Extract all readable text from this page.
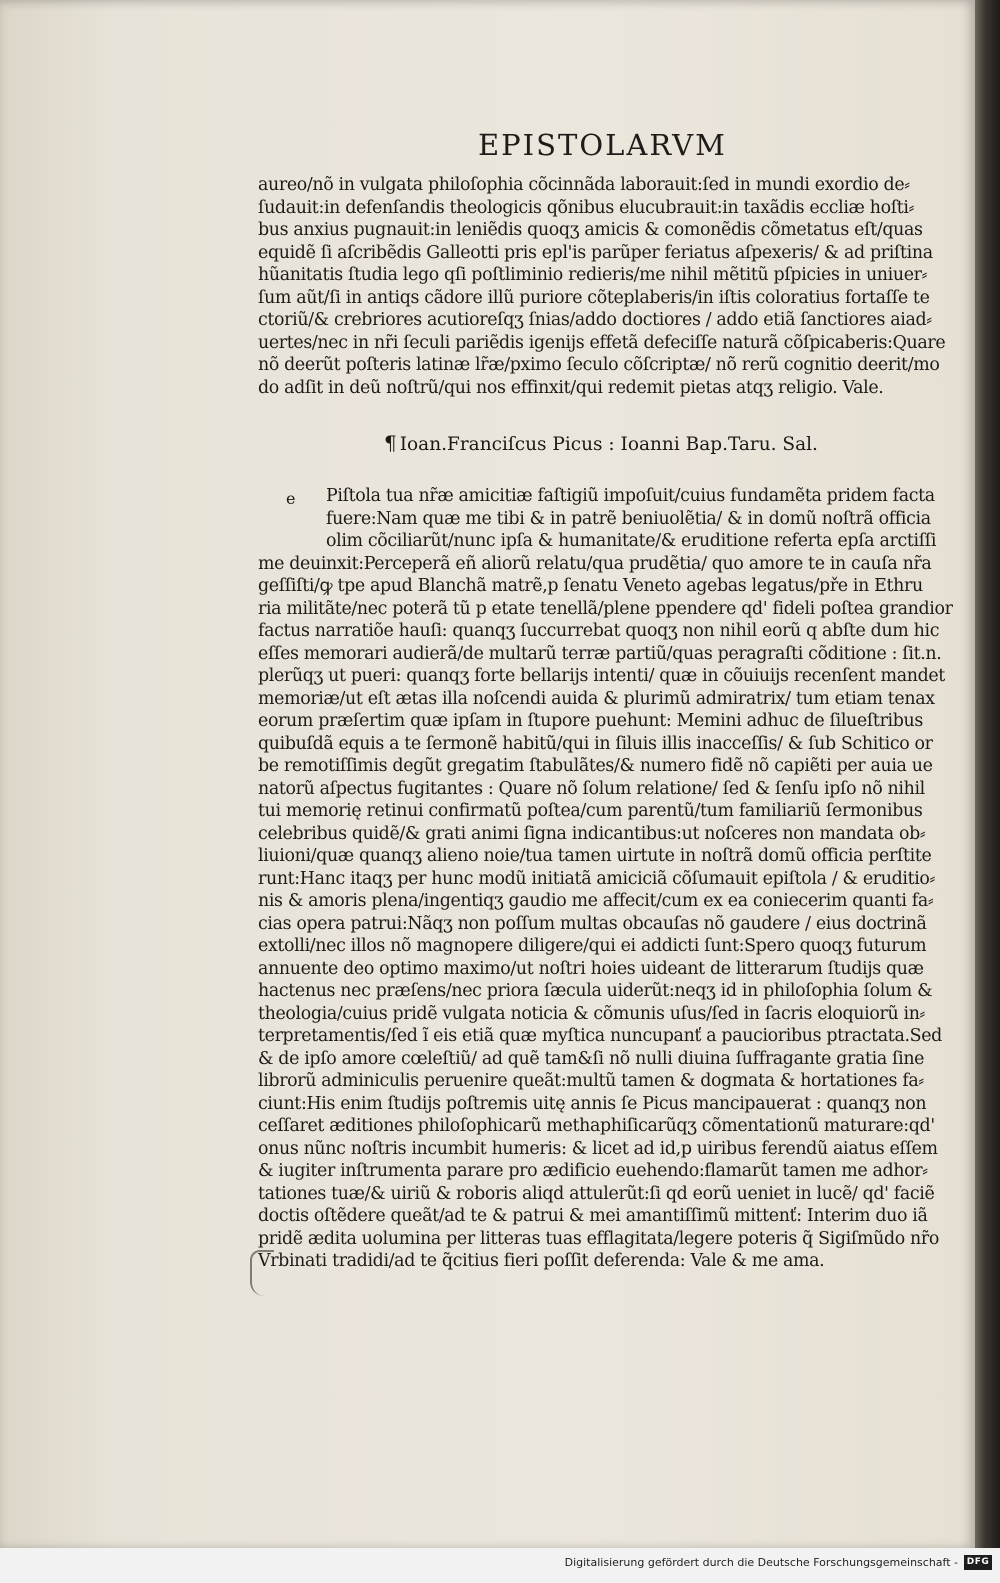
EPISTOLARVM
aureo/nõ in vulgata philoſophia cõcinnãda laborauit:ſed in mundi exordio de⸗
ſudauit:in defenſandis theologicis qõnibus elucubrauit:in taxãdis eccliæ hoſti⸗
bus anxius pugnauit:in leniẽdis quoqʒ amicis & comonẽdis cõmetatus eſt/quas
equidẽ ſi aſcribẽdis Galleotti pris epl'is parũper feriatus aſpexeris/ & ad priſtina
hũanitatis ſtudia lego qſi poſtliminio redieris/me nihil mẽtitũ pſpicies in uniuer⸗
ſum aũt/ſi in antiqs cãdore illũ puriore cõteplaberis/in iſtis coloratius fortaſſe te
ctoriũ/& crebriores acutioreſqʒ ſnias/addo doctiores / addo etiã ſanctiores aiad⸗
uertes/nec in nr̃i ſeculi pariẽdis igenijs effetã defeciſſe naturã cõſpicaberis:Quare
nõ deerũt poſteris latinæ lr̃æ/pximo ſeculo cõſcriptæ/ nõ rerũ cognitio deerit/mo
do adſit in deũ noſtrũ/qui nos effinxit/qui redemit pietas atqʒ religio. Vale.
¶ Ioan.Franciſcus Picus : Ioanni Bap.Taru. Sal.
e	Piſtola tua nr̃æ amicitiæ faſtigiũ impoſuit/cuius fundamẽta pridem facta
fuere:Nam quæ me tibi & in patrẽ beniuolẽtia/ & in domũ noſtrã officia
olim cõciliarũt/nunc ipſa & humanitate/& eruditione referta epſa arctiſſi
me deuinxit:Perceperã eñ aliorũ relatu/qua prudẽtia/ quo amore te in cauſa nr̃a
geſſiſti/ꝙ tpe apud Blanchã matrẽ,p ſenatu Veneto agebas legatus/pře in Ethru
ria militãte/nec poterã tũ p etate tenellã/plene ppendere qd' fideli poſtea grandior
factus narratiõe hauſi: quanqʒ ſuccurrebat quoqʒ non nihil eorũ q abſte dum hic
eſſes memorari audierã/de multarũ terræ partiũ/quas peragraſti cõditione : ſit.n.
plerũqʒ ut pueri: quanqʒ forte bellarijs intenti/ quæ in cõuiuijs recenſent mandet
memoriæ/ut eſt ætas illa noſcendi auida & plurimũ admiratrix/ tum etiam tenax
eorum præſertim quæ ipſam in ſtupore puehunt: Memini adhuc de ſilueſtribus
quibuſdã equis a te ſermonẽ habitũ/qui in ſiluis illis inacceſſis/ & ſub Schitico or
be remotiſſimis degũt gregatim ſtabulãtes/& numero fidẽ nõ capiẽti per auia ue
natorũ aſpectus fugitantes : Quare nõ ſolum relatione/ ſed & ſenſu ipſo nõ nihil
tui memorię retinui confirmatũ poſtea/cum parentũ/tum familiariũ ſermonibus
celebribus quidẽ/& grati animi ſigna indicantibus:ut noſceres non mandata ob⸗
liuioni/quæ quanqʒ alieno noie/tua tamen uirtute in noſtrã domũ officia perſtite
runt:Hanc itaqʒ per hunc modũ initiatã amiciciã cõſumauit epiſtola / & eruditio⸗
nis & amoris plena/ingentiqʒ gaudio me affecit/cum ex ea coniecerim quanti fa⸗
cias opera patrui:Nãqʒ non poſſum multas obcauſas nõ gaudere / eius doctrinã
extolli/nec illos nõ magnopere diligere/qui ei addicti ſunt:Spero quoqʒ futurum
annuente deo optimo maximo/ut noſtri hoies uideant de litterarum ſtudijs quæ
hactenus nec præſens/nec priora ſæcula uiderũt:neqʒ id in philoſophia ſolum &
theologia/cuius pridẽ vulgata noticia & cõmunis uſus/ſed in ſacris eloquiorũ in⸗
terpretamentis/ſed ĩ eis etiã quæ myſtica nuncupanť a paucioribus ptractata.Sed
& de ipſo amore cœleſtiũ/ ad quẽ tam&ſi nõ nulli diuina ſuffragante gratia ſine
librorũ adminiculis peruenire queãt:multũ tamen & dogmata & hortationes fa⸗
ciunt:His enim ſtudijs poſtremis uitę annis ſe Picus mancipauerat : quanqʒ non
ceſſaret æditiones philoſophicarũ methaphiſicarũqʒ cõmentationũ maturare:qd'
onus nũnc noſtris incumbit humeris: & licet ad id,p uiribus ferendũ aiatus eſſem
& iugiter inſtrumenta parare pro ædificio euehendo:flamarũt tamen me adhor⸗
tationes tuæ/& uiriũ & roboris aliqd attulerũt:ſi qd eorũ ueniet in lucẽ/ qd' faciẽ
doctis oſtẽdere queãt/ad te & patrui & mei amantiſſimũ mittenť: Interim duo iã
pridẽ ædita uolumina per litteras tuas efflagitata/legere poteris q̃ Sigiſmũdo nr̃o
Vrbinati tradidi/ad te q̃citius fieri poſſit deferenda: Vale & me ama.
Digitalisierung gefördert durch die Deutsche Forschungsgemeinschaft - DFG
